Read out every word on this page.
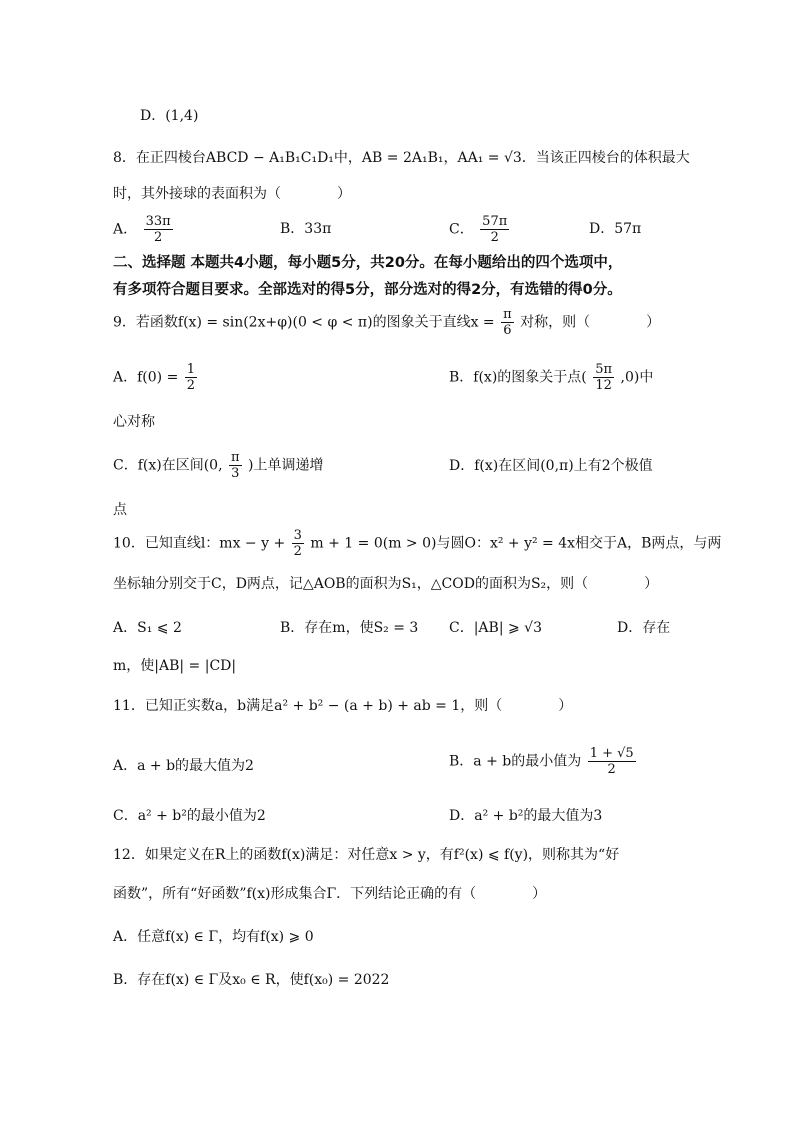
D．(1,4)
8．在正四棱台ABCD − A₁B₁C₁D₁中，AB = 2A₁B₁，AA₁ = √3．当该正四棱台的体积最大
时，其外接球的表面积为（　　　　）
A． $\frac{33\pi}{2}$	B．33π	C． $\frac{57\pi}{2}$	D．57π
二、选择题 本题共4小题，每小题5分，共20分。在每小题给出的四个选项中，
有多项符合题目要求。全部选对的得5分，部分选对的得2分，有选错的得0分。
9．若函数f(x) = sin(2x+φ)(0 < φ < π)的图象关于直线$x = \frac{\pi}{6}$ 对称，则（　　　　）
A．$f(0) = \frac{1}{2}$	B．f(x)的图象关于点( $\frac{5\pi}{12} ,0$)中
心对称
C．f(x)在区间(0, $\frac{\pi}{3}$ )上单调递增	D．f(x)在区间(0,π)上有2个极值
点
10．已知直线l：mx − $y + \frac{3}{2}$ m + 1 = 0(m > 0)与圆O：x² + y² = 4x相交于A，B两点，与两
坐标轴分别交于C，D两点，记△AOB的面积为S₁，△COD的面积为S₂，则（　　　　）
A．S₁ ⩽ 2	B．存在m，使S₂ = 3 C．|AB| ⩾ √3	D．存在
m，使|AB| = |CD|
11．已知正实数a，b满足a² + b² − (a + b) + ab = 1，则（　　　　）
A．a + b的最大值为2	B．a + b的最小值为 $\frac{1 + √5}{2}$
C．a² + b²的最小值为2	D．a² + b²的最大值为3
12．如果定义在R上的函数f(x)满足：对任意x > y，有f²(x) ⩽ f(y)，则称其为“好
函数”，所有“好函数”f(x)形成集合Γ．下列结论正确的有（　　　　）
A．任意f(x) ∈ Γ，均有f(x) ⩾ 0
B．存在f(x) ∈ Γ及x₀ ∈ R，使f(x₀) = 2022
